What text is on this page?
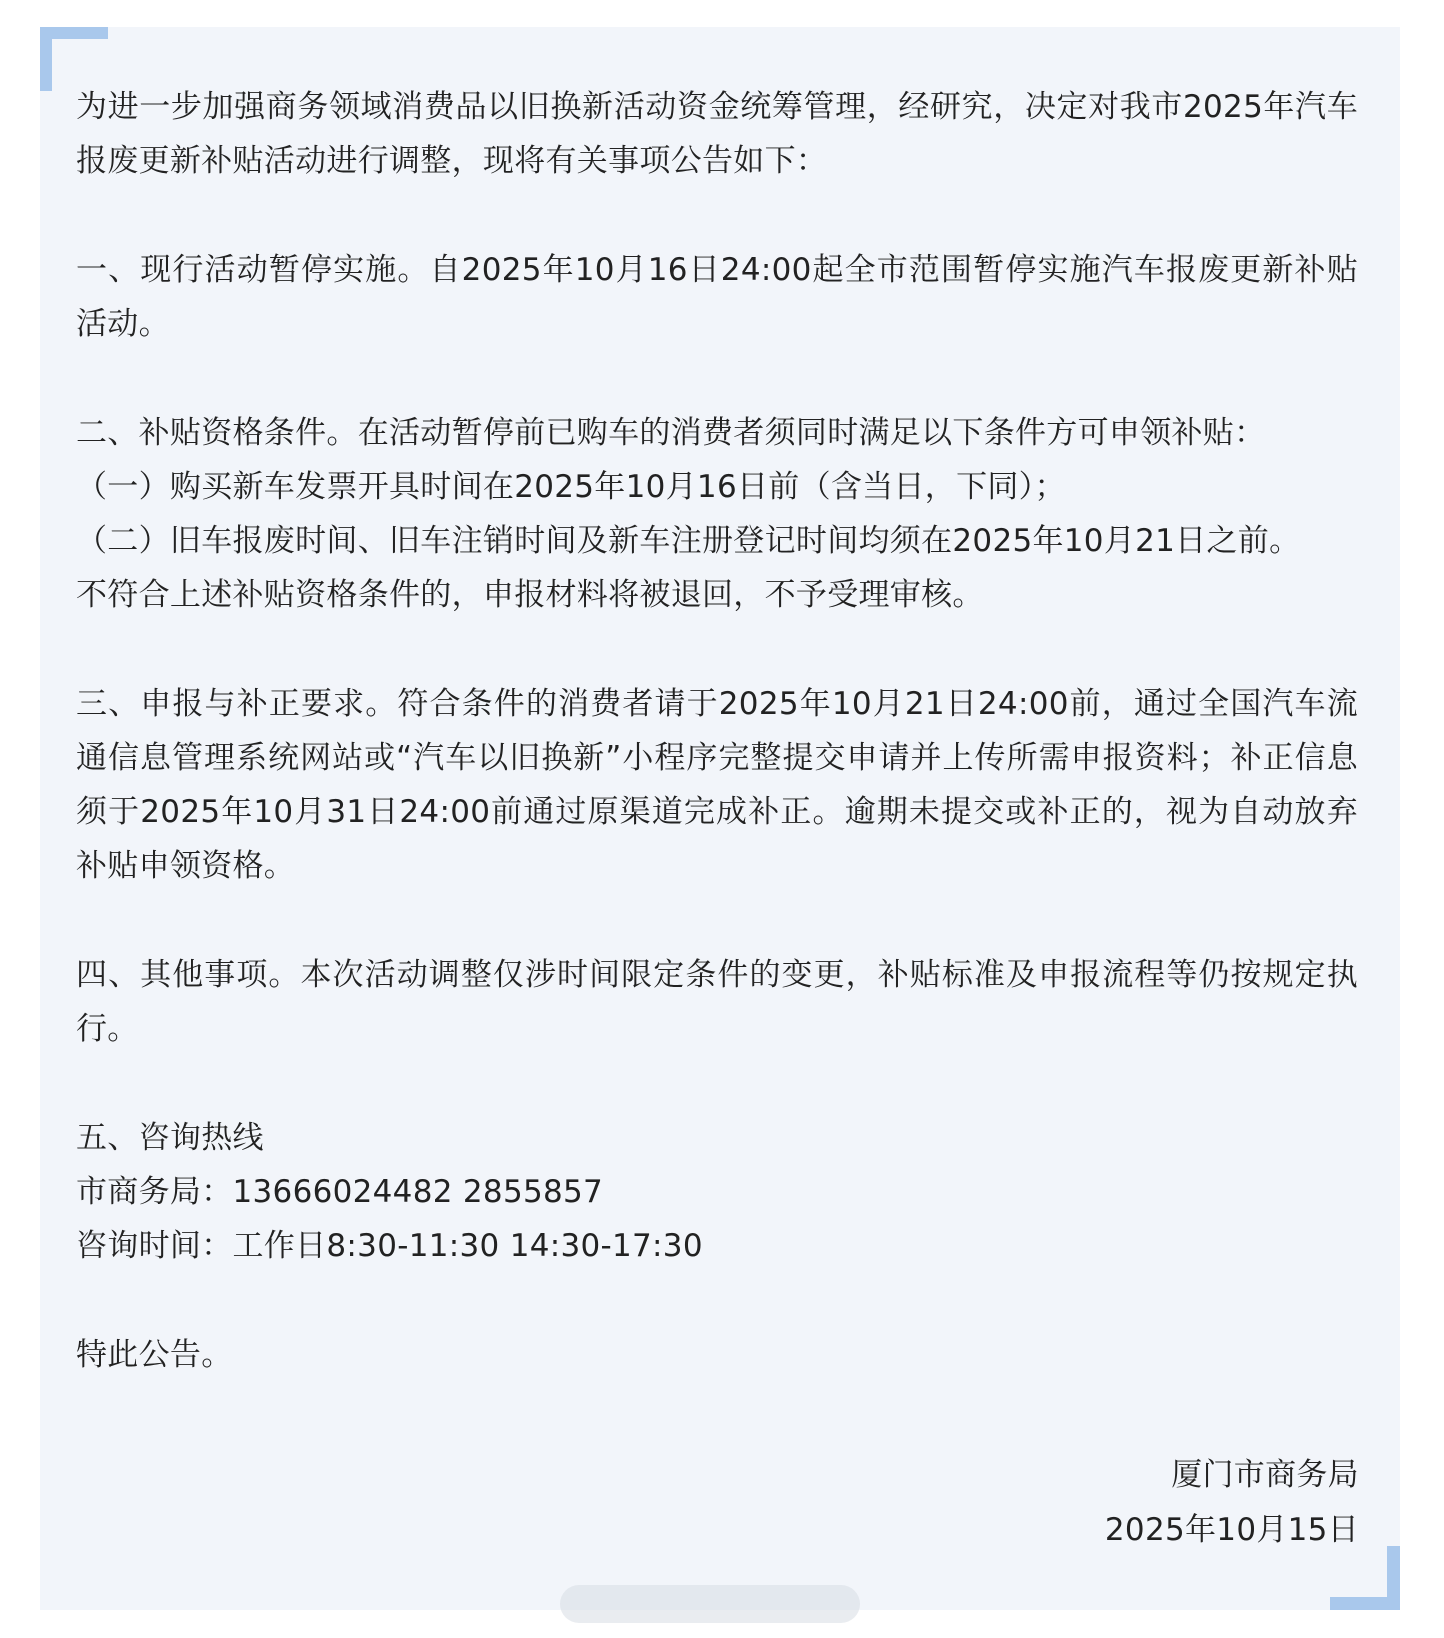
为进一步加强商务领域消费品以旧换新活动资金统筹管理，经研究，决定对我市2025年汽车报废更新补贴活动进行调整，现将有关事项公告如下：

一、现行活动暂停实施。自2025年10月16日24:00起全市范围暂停实施汽车报废更新补贴活动。

二、补贴资格条件。在活动暂停前已购车的消费者须同时满足以下条件方可申领补贴：

（一）购买新车发票开具时间在2025年10月16日前（含当日，下同）；

（二）旧车报废时间、旧车注销时间及新车注册登记时间均须在2025年10月21日之前。

不符合上述补贴资格条件的，申报材料将被退回，不予受理审核。

三、申报与补正要求。符合条件的消费者请于2025年10月21日24:00前，通过全国汽车流通信息管理系统网站或“汽车以旧换新”小程序完整提交申请并上传所需申报资料；补正信息须于2025年10月31日24:00前通过原渠道完成补正。逾期未提交或补正的，视为自动放弃补贴申领资格。

四、其他事项。本次活动调整仅涉时间限定条件的变更，补贴标准及申报流程等仍按规定执行。

五、咨询热线

市商务局：13666024482 2855857

咨询时间：工作日8:30-11:30 14:30-17:30

特此公告。

厦门市商务局
2025年10月15日
